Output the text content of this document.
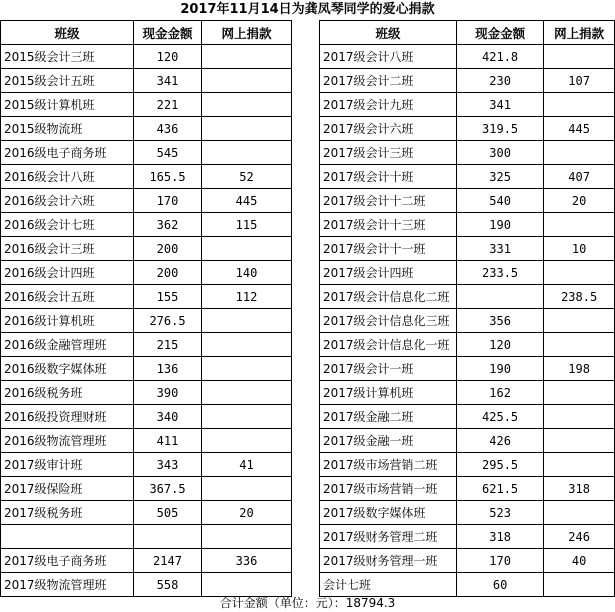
2017年11月14日为龚凤琴同学的爱心捐款
班级	现金金额	网上捐款
2015级会计三班	120	
2015级会计五班	341	
2015级计算机班	221	
2015级物流班	436	
2016级电子商务班	545	
2016级会计八班	165.5	52
2016级会计六班	170	445
2016级会计七班	362	115
2016级会计三班	200	
2016级会计四班	200	140
2016级会计五班	155	112
2016级计算机班	276.5	
2016级金融管理班	215	
2016级数字媒体班	136	
2016级税务班	390	
2016级投资理财班	340	
2016级物流管理班	411	
2017级审计班	343	41
2017级保险班	367.5	
2017级税务班	505	20

2017级电子商务班	2147	336
2017级物流管理班	558	
班级	现金金额	网上捐款
2017级会计八班	421.8	
2017级会计二班	230	107
2017级会计九班	341	
2017级会计六班	319.5	445
2017级会计三班	300	
2017级会计十班	325	407
2017级会计十二班	540	20
2017级会计十三班	190	
2017级会计十一班	331	10
2017级会计四班	233.5	
2017级会计信息化二班		238.5
2017级会计信息化三班	356	
2017级会计信息化一班	120	
2017级会计一班	190	198
2017级计算机班	162	
2017级金融二班	425.5	
2017级金融一班	426	
2017级市场营销二班	295.5	
2017级市场营销一班	621.5	318
2017级数字媒体班	523	
2017级财务管理二班	318	246
2017级财务管理一班	170	40
会计七班	60	
合计金额（单位：元）：18794.3
